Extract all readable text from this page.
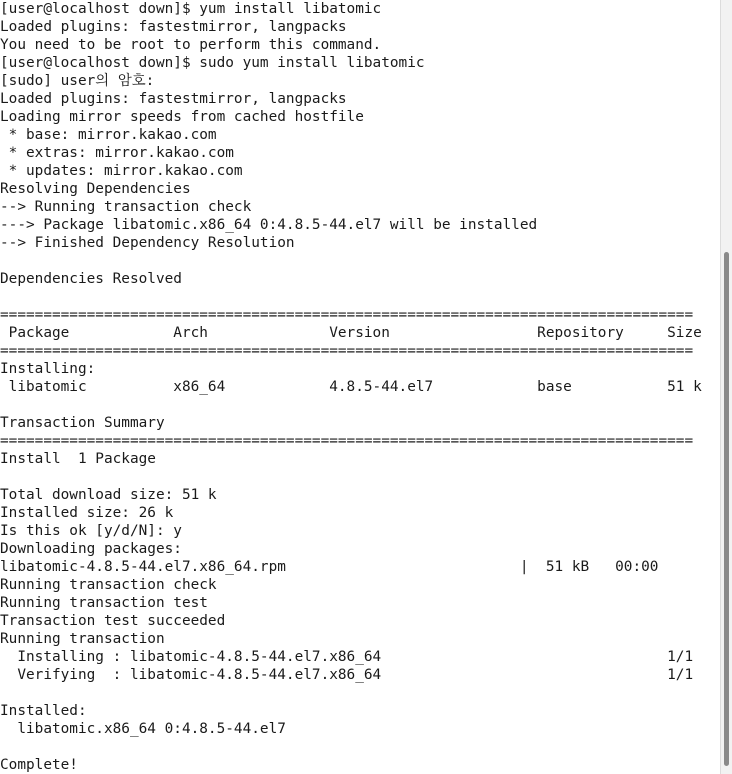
[user@localhost down]$ yum install libatomic
Loaded plugins: fastestmirror, langpacks
You need to be root to perform this command.
[user@localhost down]$ sudo yum install libatomic
[sudo] user의 암호:
Loaded plugins: fastestmirror, langpacks
Loading mirror speeds from cached hostfile
* base: mirror.kakao.com
* extras: mirror.kakao.com
* updates: mirror.kakao.com
Resolving Dependencies
--> Running transaction check
---> Package libatomic.x86_64 0:4.8.5-44.el7 will be installed
--> Finished Dependency Resolution
Dependencies Resolved
================================================================================
Package            Arch              Version                 Repository     Size
================================================================================
Installing:
libatomic          x86_64            4.8.5-44.el7            base           51 k
Transaction Summary
================================================================================
Install  1 Package
Total download size: 51 k
Installed size: 26 k
Is this ok [y/d/N]: y
Downloading packages:
libatomic-4.8.5-44.el7.x86_64.rpm                           |  51 kB   00:00
Running transaction check
Running transaction test
Transaction test succeeded
Running transaction
Installing : libatomic-4.8.5-44.el7.x86_64                                 1/1
Verifying  : libatomic-4.8.5-44.el7.x86_64                                 1/1
Installed:
libatomic.x86_64 0:4.8.5-44.el7
Complete!
